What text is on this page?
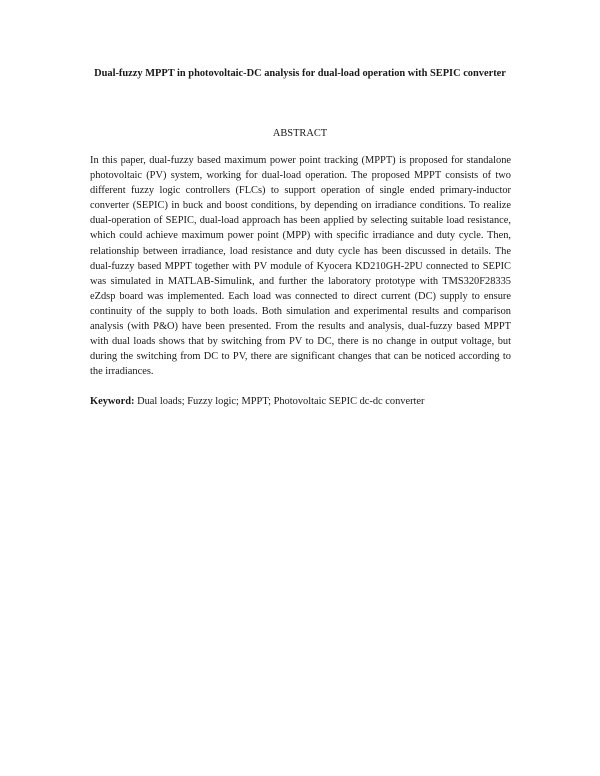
Dual-fuzzy MPPT in photovoltaic-DC analysis for dual-load operation with SEPIC converter
ABSTRACT
In this paper, dual-fuzzy based maximum power point tracking (MPPT) is proposed for standalone photovoltaic (PV) system, working for dual-load operation. The proposed MPPT consists of two different fuzzy logic controllers (FLCs) to support operation of single ended primary-inductor converter (SEPIC) in buck and boost conditions, by depending on irradiance conditions. To realize dual-operation of SEPIC, dual-load approach has been applied by selecting suitable load resistance, which could achieve maximum power point (MPP) with specific irradiance and duty cycle. Then, relationship between irradiance, load resistance and duty cycle has been discussed in details. The dual-fuzzy based MPPT together with PV module of Kyocera KD210GH-2PU connected to SEPIC was simulated in MATLAB-Simulink, and further the laboratory prototype with TMS320F28335 eZdsp board was implemented. Each load was connected to direct current (DC) supply to ensure continuity of the supply to both loads. Both simulation and experimental results and comparison analysis (with P&O) have been presented. From the results and analysis, dual-fuzzy based MPPT with dual loads shows that by switching from PV to DC, there is no change in output voltage, but during the switching from DC to PV, there are significant changes that can be noticed according to the irradiances.
Keyword: Dual loads; Fuzzy logic; MPPT; Photovoltaic SEPIC dc-dc converter
